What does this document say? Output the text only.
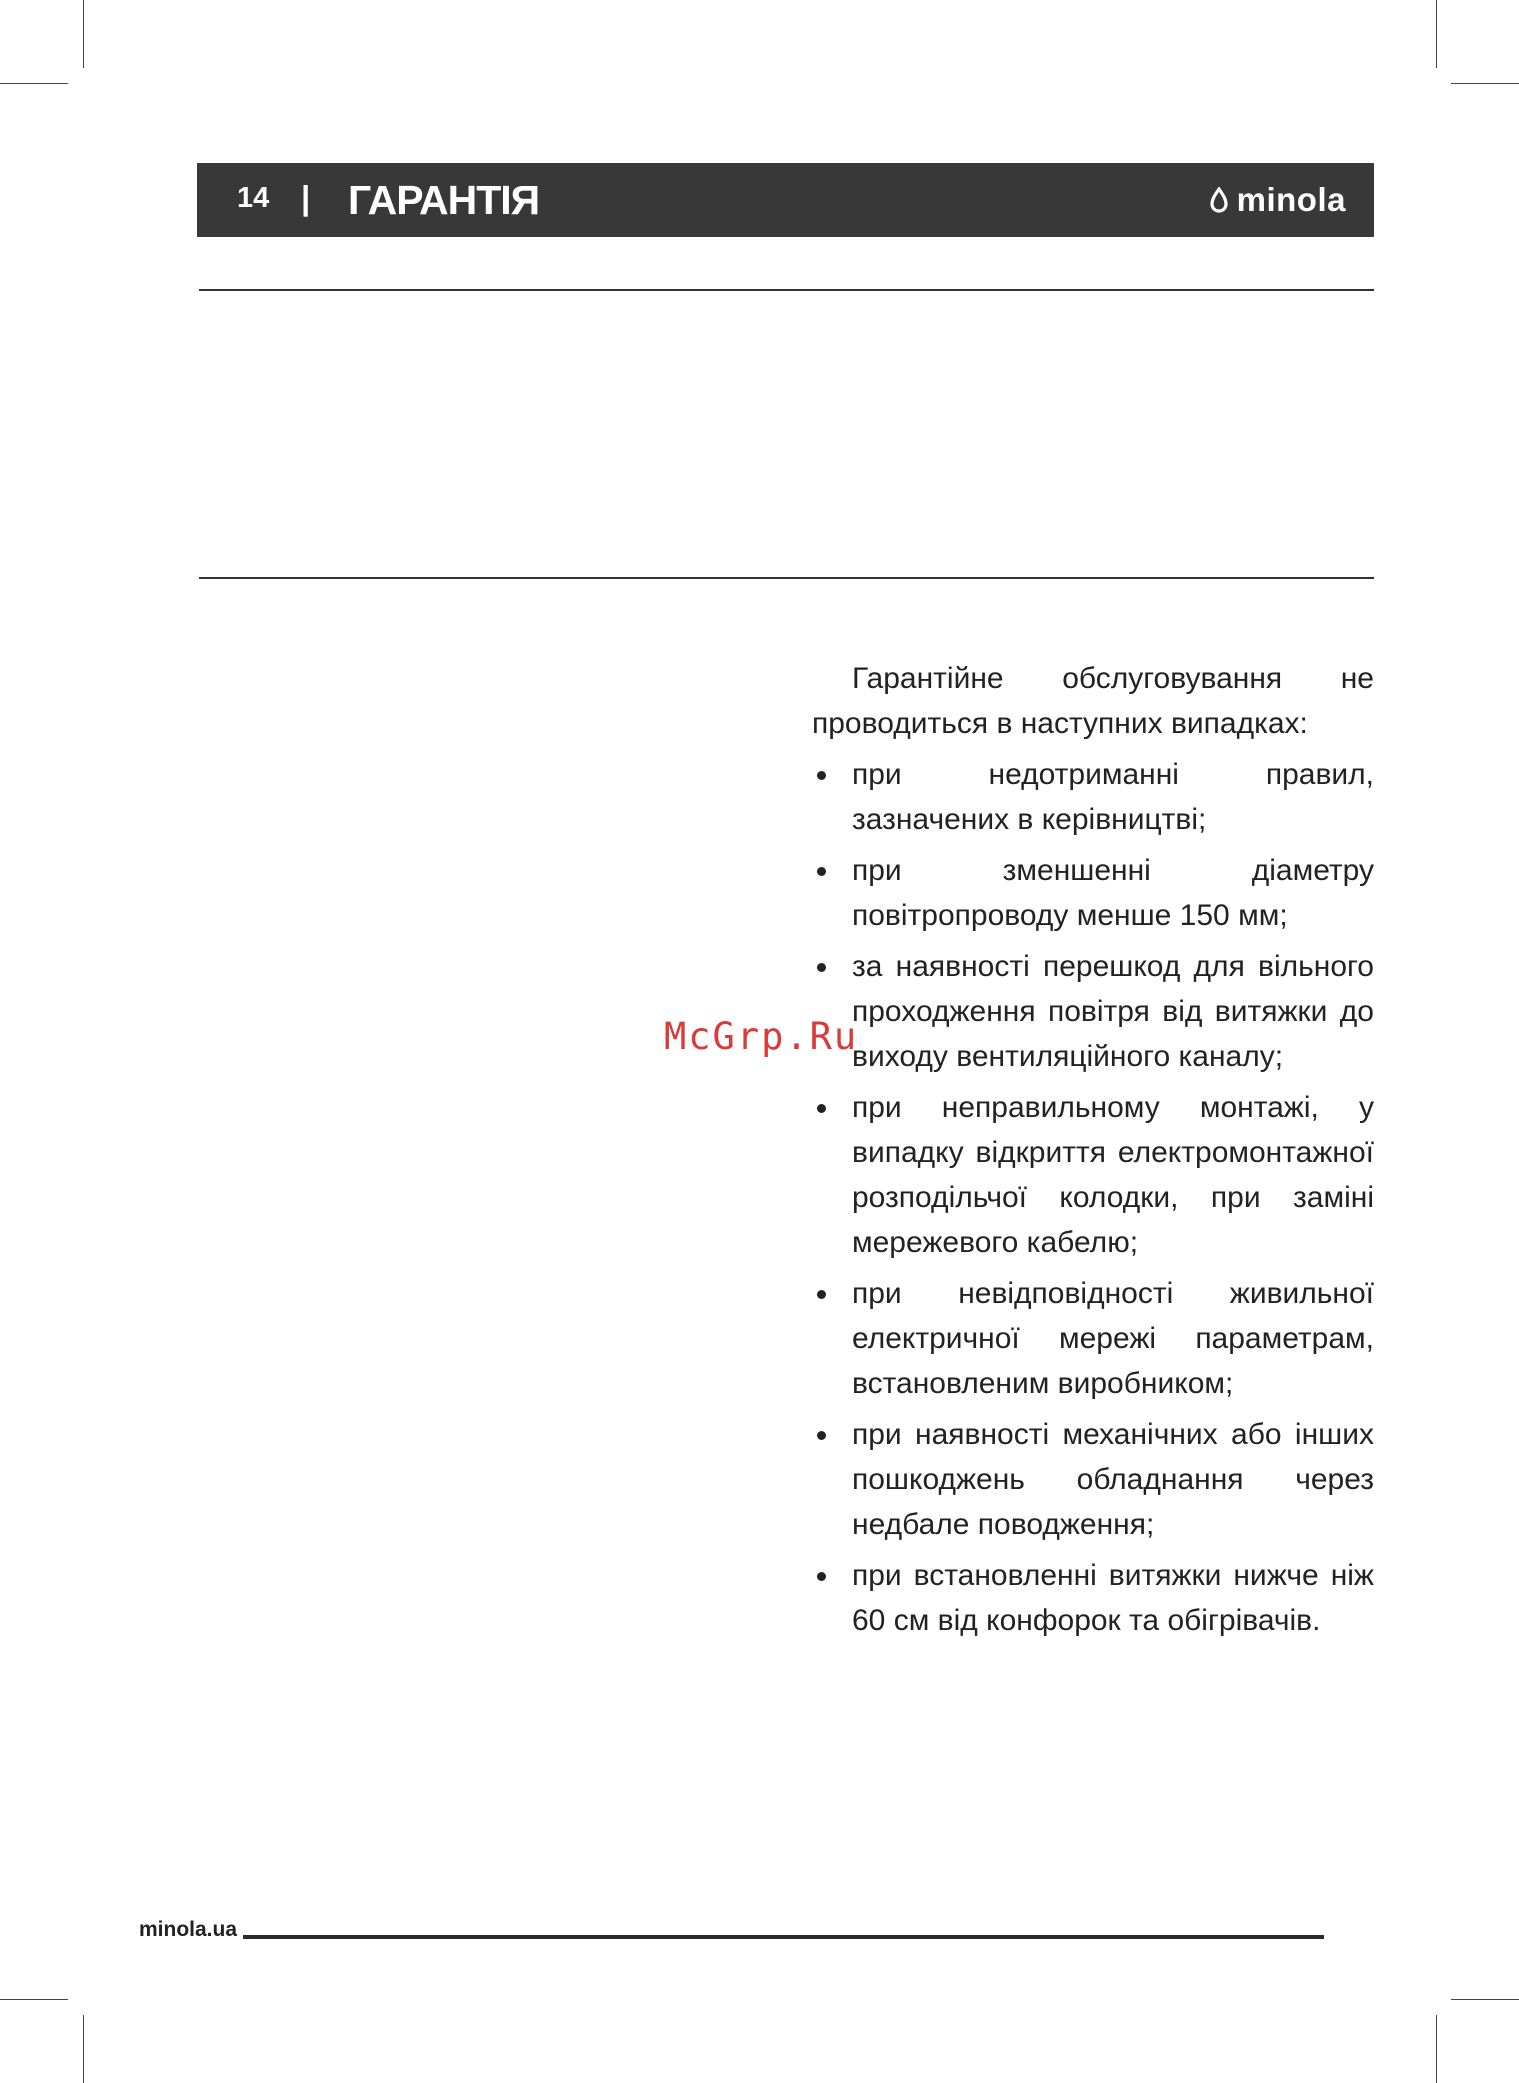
14 | ГАРАНТІЯ	minola

Гарантійне обслуговування не проводиться в наступних випадках:

при недотриманні правил, зазначених в керівництві;
при зменшенні діаметру повітропроводу менше 150 мм;
за наявності перешкод для вільного проходження повітря від витяжки до виходу вентиляційного каналу;
при неправильному монтажі, у випадку відкриття електромонтажної розподільчої колодки, при заміні мережевого кабелю;
при невідповідності живильної електричної мережі параметрам, встановленим виробником;
при наявності механічних або інших пошкоджень обладнання через недбале поводження;
при встановленні витяжки нижче ніж 60 см від конфорок та обігрівачів.
McGrp.Ru
minola.ua
